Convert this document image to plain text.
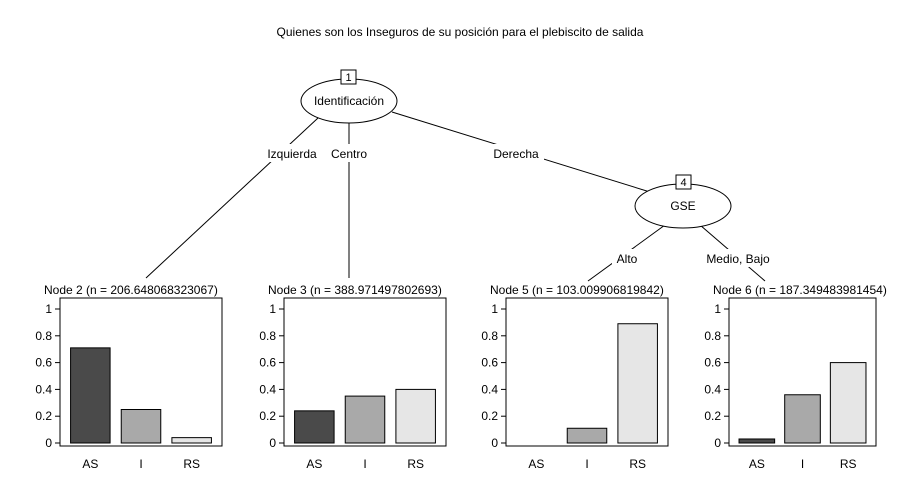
Quienes son los Inseguros de su posición para el plebiscito de salida
Izquierda Centro	Derecha
Alto	Medio, Bajo
Identificación
1
GSE
4
Node 2 (n = 206.648068323067)
0
0.2
0.4
0.6
0.8
1
AS	I	RS
Node 3 (n = 388.971497802693)
0
0.2
0.4
0.6
0.8
1
AS	I	RS
Node 5 (n = 103.009906819842)
0
0.2
0.4
0.6
0.8
1
AS	I	RS
Node 6 (n = 187.349483981454)
0
0.2
0.4
0.6
0.8
1
AS	I	RS
